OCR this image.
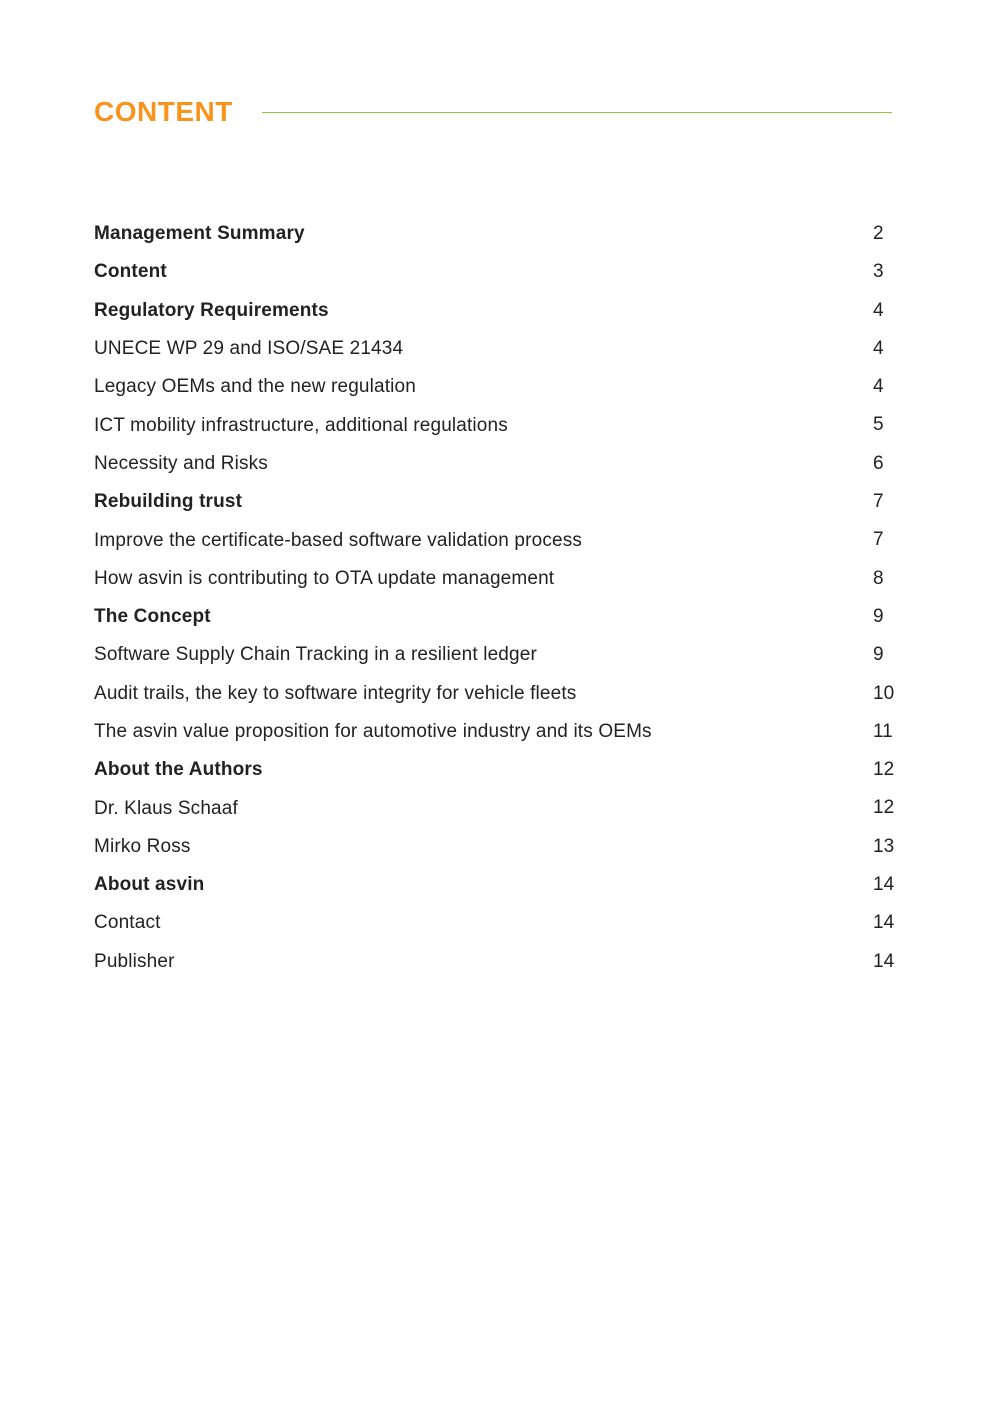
CONTENT
Management Summary	2
Content	3
Regulatory Requirements	4
UNECE WP 29 and ISO/SAE 21434	4
Legacy OEMs and the new regulation	4
ICT mobility infrastructure, additional regulations	5
Necessity and Risks	6
Rebuilding trust	7
Improve the certificate-based software validation process	7
How asvin is contributing to OTA update management	8
The Concept	9
Software Supply Chain Tracking in a resilient ledger	9
Audit trails, the key to software integrity for vehicle fleets	10
The asvin value proposition for automotive industry and its OEMs	11
About the Authors	12
Dr. Klaus Schaaf	12
Mirko Ross	13
About asvin	14
Contact	14
Publisher	14
